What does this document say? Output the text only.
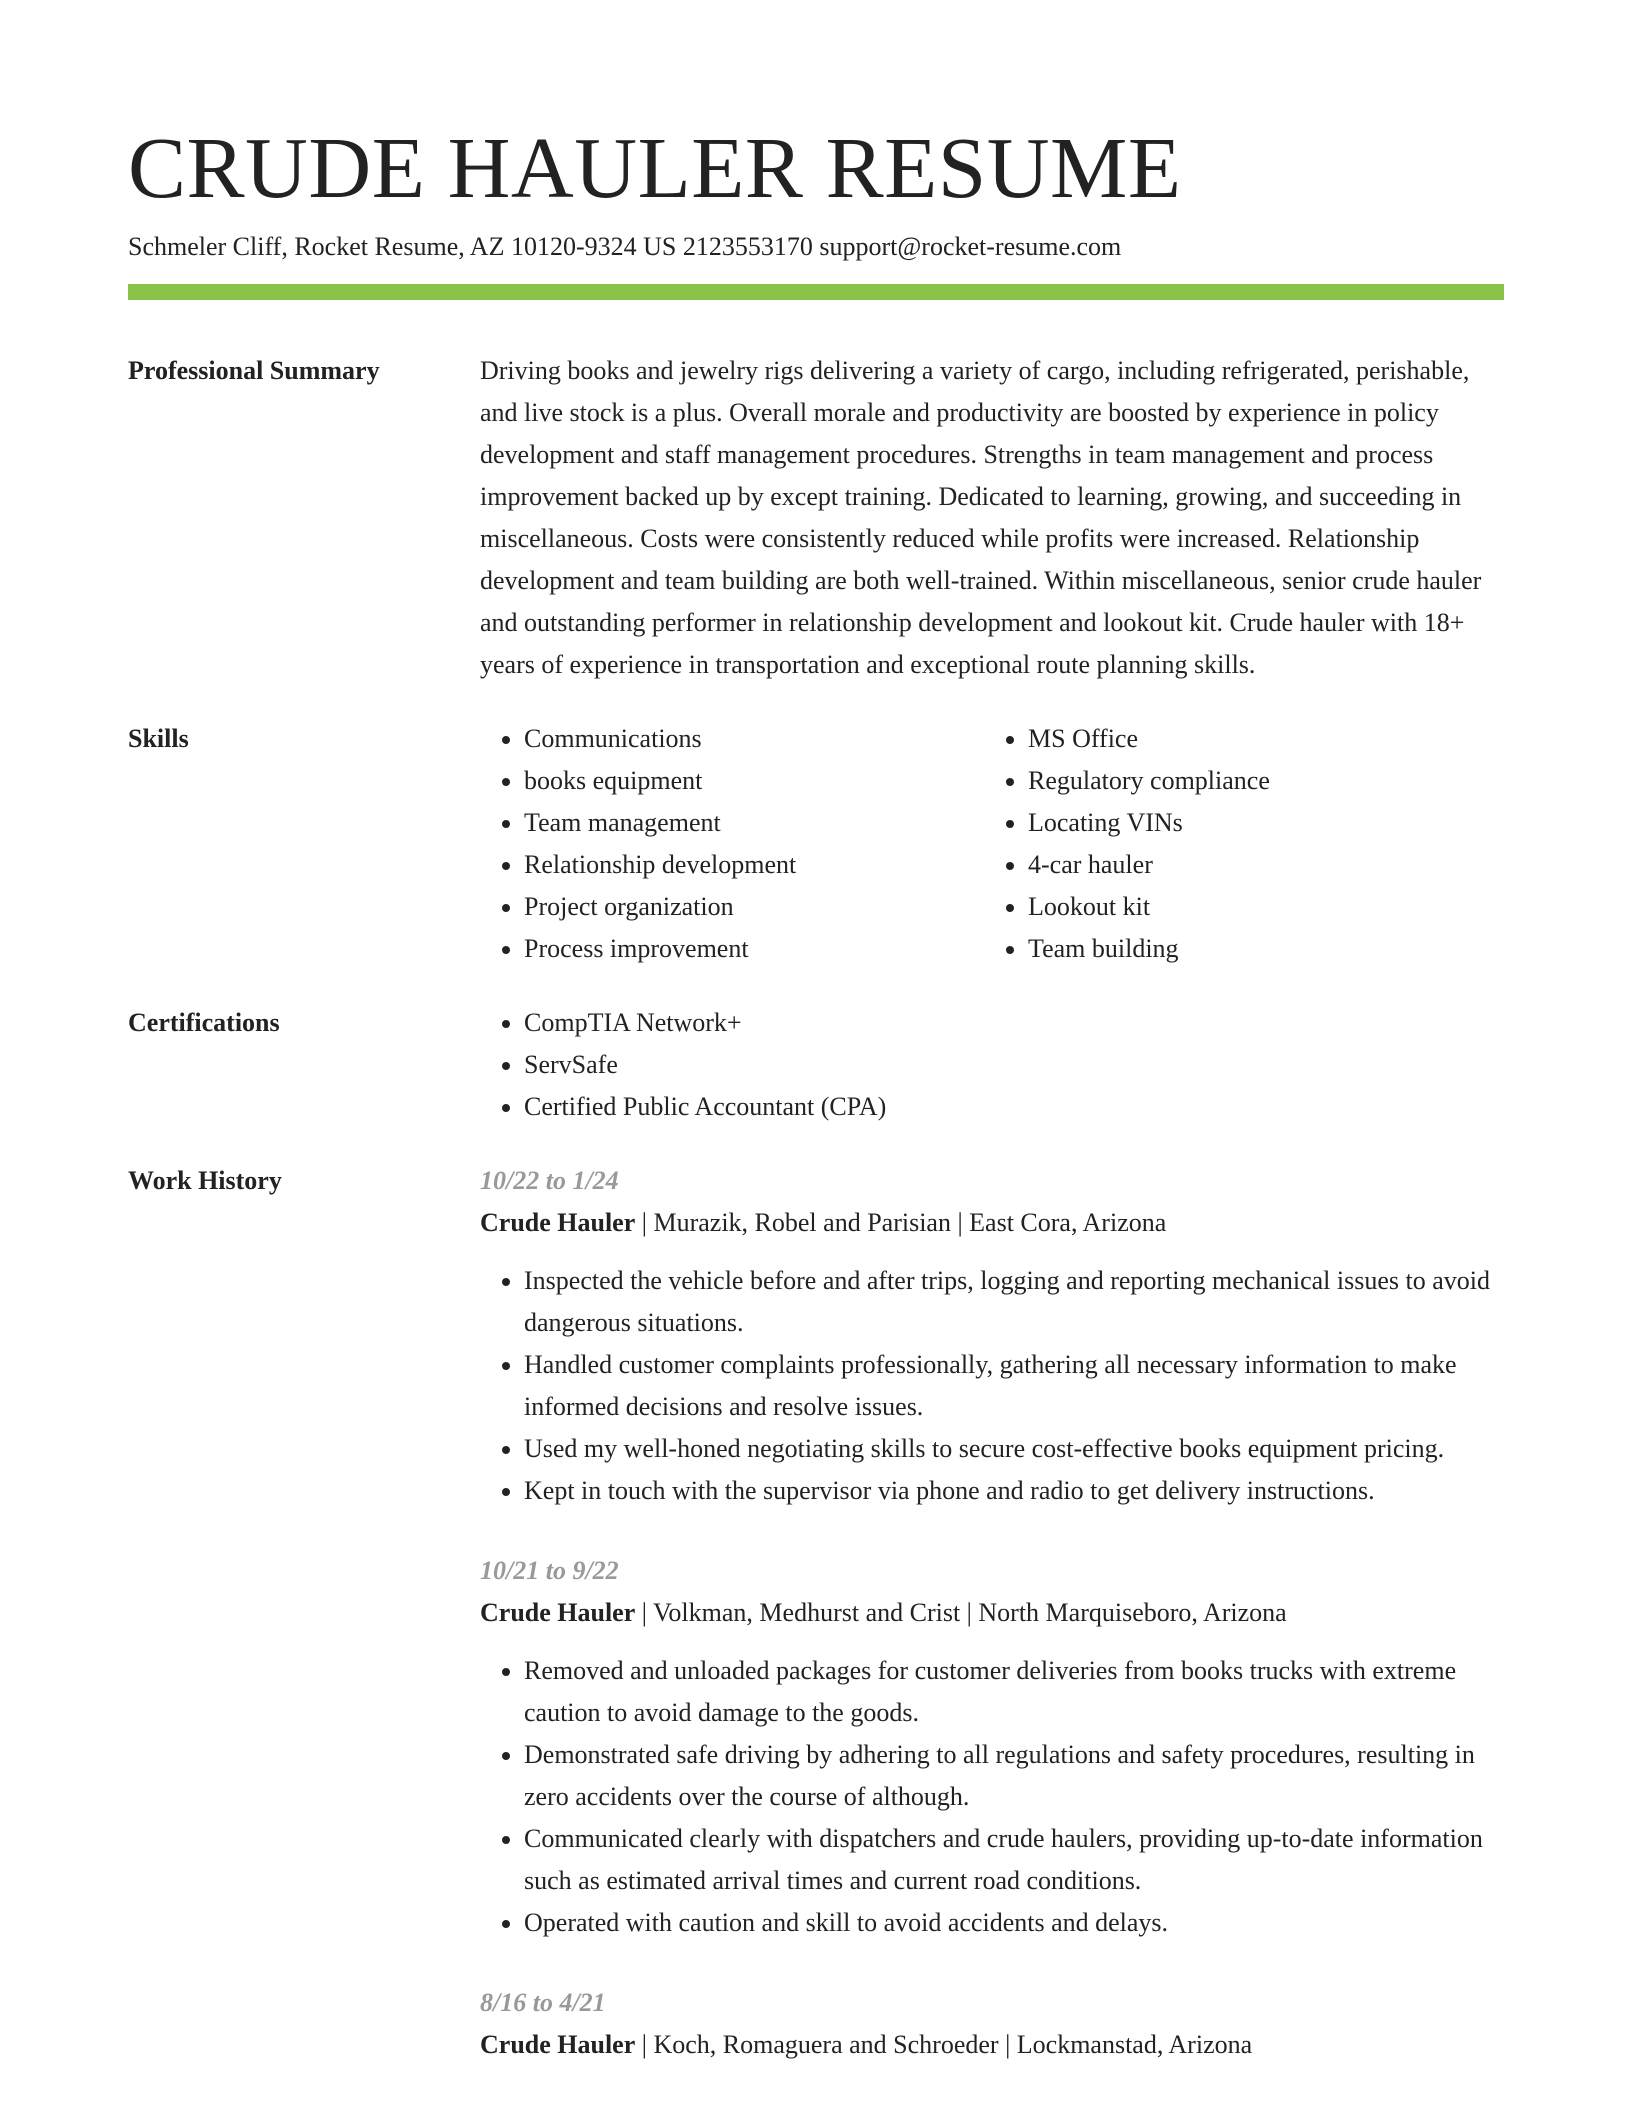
CRUDE HAULER RESUME
Schmeler Cliff, Rocket Resume, AZ 10120-9324 US 2123553170 support@rocket-resume.com
Professional Summary	Driving books and jewelry rigs delivering a variety of cargo, including refrigerated, perishable, and live stock is a plus. Overall morale and productivity are boosted by experience in policy development and staff management procedures. Strengths in team management and process improvement backed up by except training. Dedicated to learning, growing, and succeeding in miscellaneous. Costs were consistently reduced while profits were increased. Relationship development and team building are both well-trained. Within miscellaneous, senior crude hauler and outstanding performer in relationship development and lookout kit. Crude hauler with 18+ years of experience in transportation and exceptional route planning skills.
Skills	• Communications
• books equipment
• Team management
• Relationship development
• Project organization
• Process improvement
• MS Office
• Regulatory compliance
• Locating VINs
• 4-car hauler
• Lookout kit
• Team building
Certifications	• CompTIA Network+
• ServSafe
• Certified Public Accountant (CPA)
Work History	10/22 to 1/24
Crude Hauler | Murazik, Robel and Parisian | East Cora, Arizona
• Inspected the vehicle before and after trips, logging and reporting mechanical issues to avoid dangerous situations.
• Handled customer complaints professionally, gathering all necessary information to make informed decisions and resolve issues.
• Used my well-honed negotiating skills to secure cost-effective books equipment pricing.
• Kept in touch with the supervisor via phone and radio to get delivery instructions.
10/21 to 9/22
Crude Hauler | Volkman, Medhurst and Crist | North Marquiseboro, Arizona
• Removed and unloaded packages for customer deliveries from books trucks with extreme caution to avoid damage to the goods.
• Demonstrated safe driving by adhering to all regulations and safety procedures, resulting in zero accidents over the course of although.
• Communicated clearly with dispatchers and crude haulers, providing up-to-date information such as estimated arrival times and current road conditions.
• Operated with caution and skill to avoid accidents and delays.
8/16 to 4/21
Crude Hauler | Koch, Romaguera and Schroeder | Lockmanstad, Arizona
